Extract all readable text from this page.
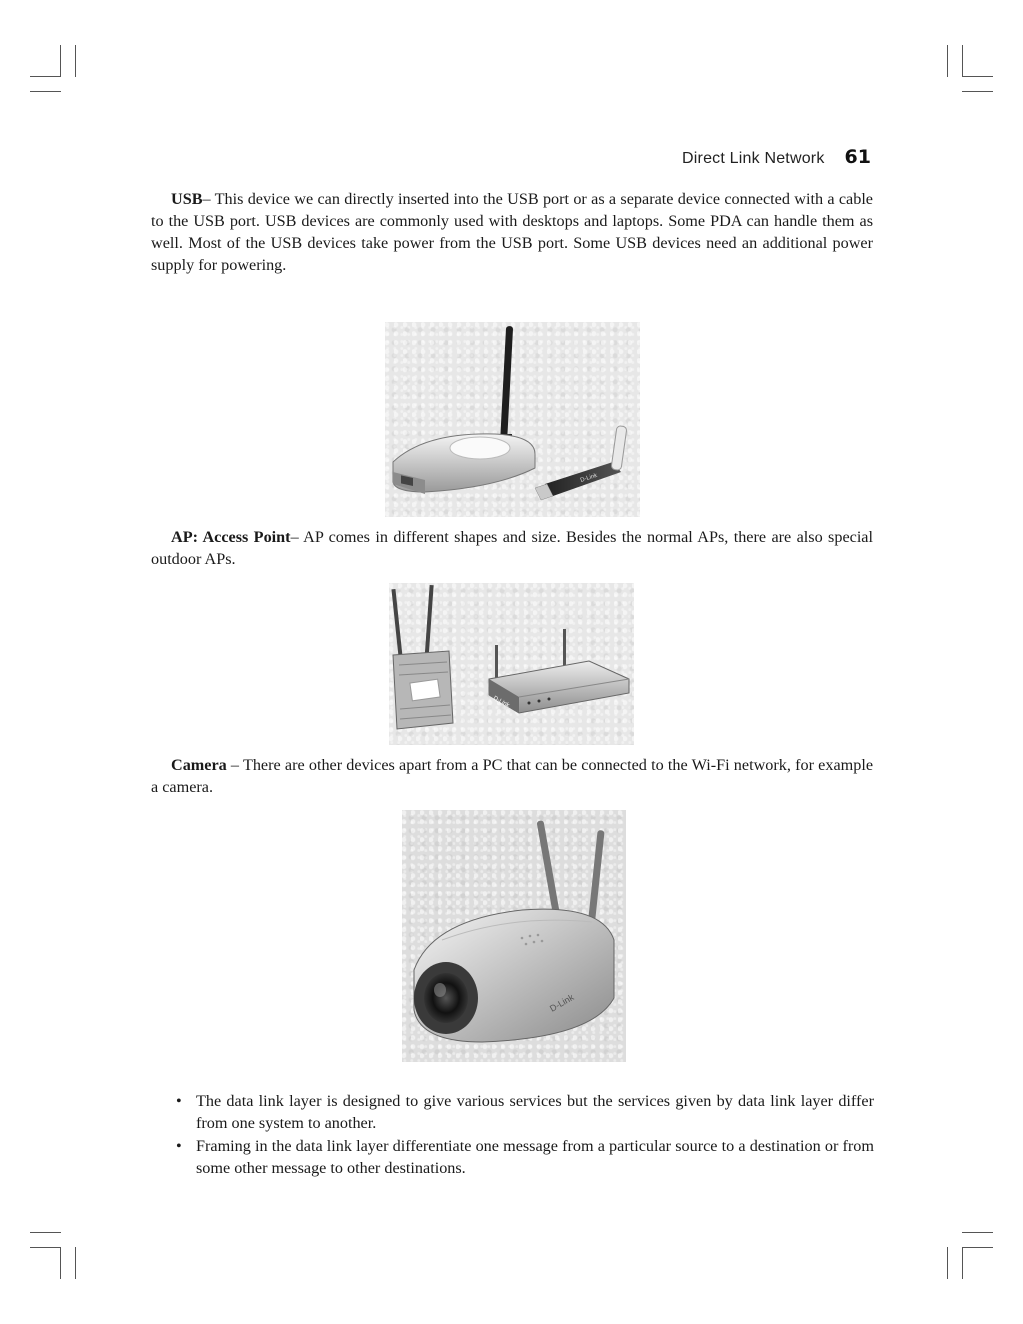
Direct Link Network 61

USB– This device we can directly inserted into the USB port or as a separate device connected with a cable to the USB port. USB devices are commonly used with desktops and laptops. Some PDA can handle them as well. Most of the USB devices take power from the USB port. Some USB devices need an additional power supply for powering.

D-Link

AP: Access Point– AP comes in different shapes and size. Besides the normal APs, there are also special outdoor APs.

D-Link

Camera – There are other devices apart from a PC that can be connected to the Wi-Fi network, for example a camera.

D-Link
• The data link layer is designed to give various services but the services given by data link layer differ from one system to another.
• Framing in the data link layer differentiate one message from a particular source to a destination or from some other message to other destinations.
